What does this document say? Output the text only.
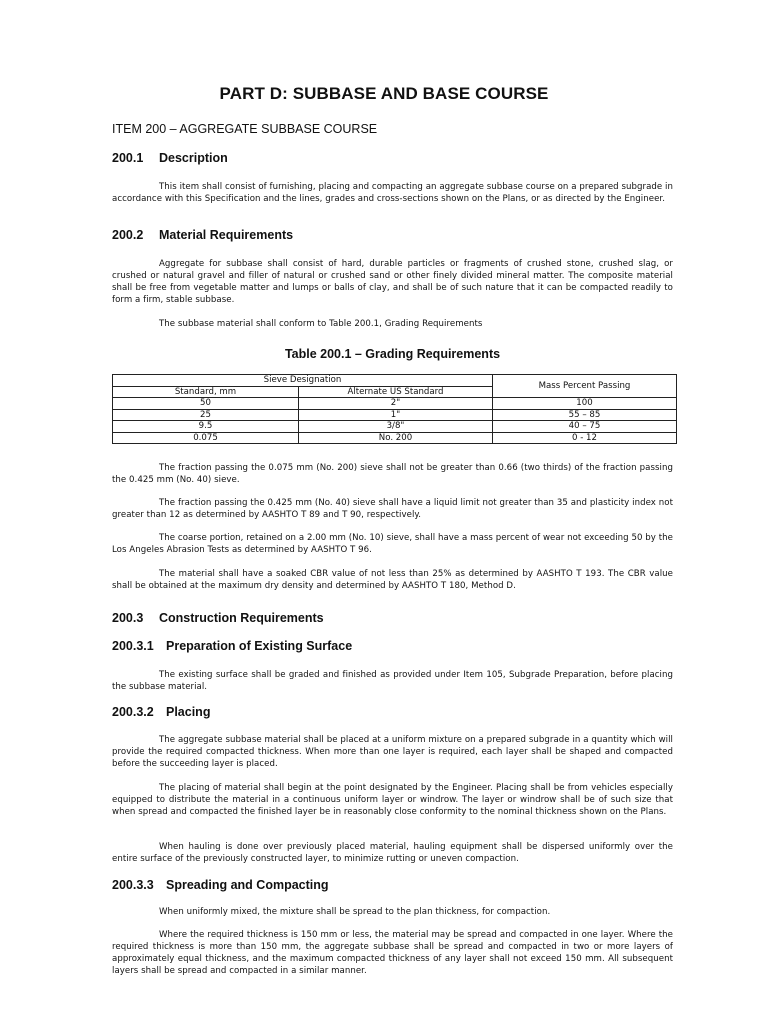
PART D: SUBBASE AND BASE COURSE
ITEM 200 – AGGREGATE SUBBASE COURSE
200.1 Description

This item shall consist of furnishing, placing and compacting an aggregate subbase course on a prepared subgrade in accordance with this Specification and the lines, grades and cross-sections shown on the Plans, or as directed by the Engineer.

200.2 Material Requirements

Aggregate for subbase shall consist of hard, durable particles or fragments of crushed stone, crushed slag, or crushed or natural gravel and filler of natural or crushed sand or other finely divided mineral matter. The composite material shall be free from vegetable matter and lumps or balls of clay, and shall be of such nature that it can be compacted readily to form a firm, stable subbase.

The subbase material shall conform to Table 200.1, Grading Requirements

Table 200.1 – Grading Requirements
Sieve Designation		Mass Percent Passing
Standard, mm	Alternate US Standard	
50	2"	100
25	1"	55 – 85
9.5	3/8"	40 – 75
0.075	No. 200	0 - 12

The fraction passing the 0.075 mm (No. 200) sieve shall not be greater than 0.66 (two thirds) of the fraction passing the 0.425 mm (No. 40) sieve.

The fraction passing the 0.425 mm (No. 40) sieve shall have a liquid limit not greater than 35 and plasticity index not greater than 12 as determined by AASHTO T 89 and T 90, respectively.

The coarse portion, retained on a 2.00 mm (No. 10) sieve, shall have a mass percent of wear not exceeding 50 by the Los Angeles Abrasion Tests as determined by AASHTO T 96.

The material shall have a soaked CBR value of not less than 25% as determined by AASHTO T 193. The CBR value shall be obtained at the maximum dry density and determined by AASHTO T 180, Method D.

200.3 Construction Requirements
200.3.1 Preparation of Existing Surface

The existing surface shall be graded and finished as provided under Item 105, Subgrade Preparation, before placing the subbase material.

200.3.2 Placing

The aggregate subbase material shall be placed at a uniform mixture on a prepared subgrade in a quantity which will provide the required compacted thickness. When more than one layer is required, each layer shall be shaped and compacted before the succeeding layer is placed.

The placing of material shall begin at the point designated by the Engineer. Placing shall be from vehicles especially equipped to distribute the material in a continuous uniform layer or windrow. The layer or windrow shall be of such size that when spread and compacted the finished layer be in reasonably close conformity to the nominal thickness shown on the Plans.

When hauling is done over previously placed material, hauling equipment shall be dispersed uniformly over the entire surface of the previously constructed layer, to minimize rutting or uneven compaction.

200.3.3 Spreading and Compacting

When uniformly mixed, the mixture shall be spread to the plan thickness, for compaction.

Where the required thickness is 150 mm or less, the material may be spread and compacted in one layer. Where the required thickness is more than 150 mm, the aggregate subbase shall be spread and compacted in two or more layers of approximately equal thickness, and the maximum compacted thickness of any layer shall not exceed 150 mm. All subsequent layers shall be spread and compacted in a similar manner.
